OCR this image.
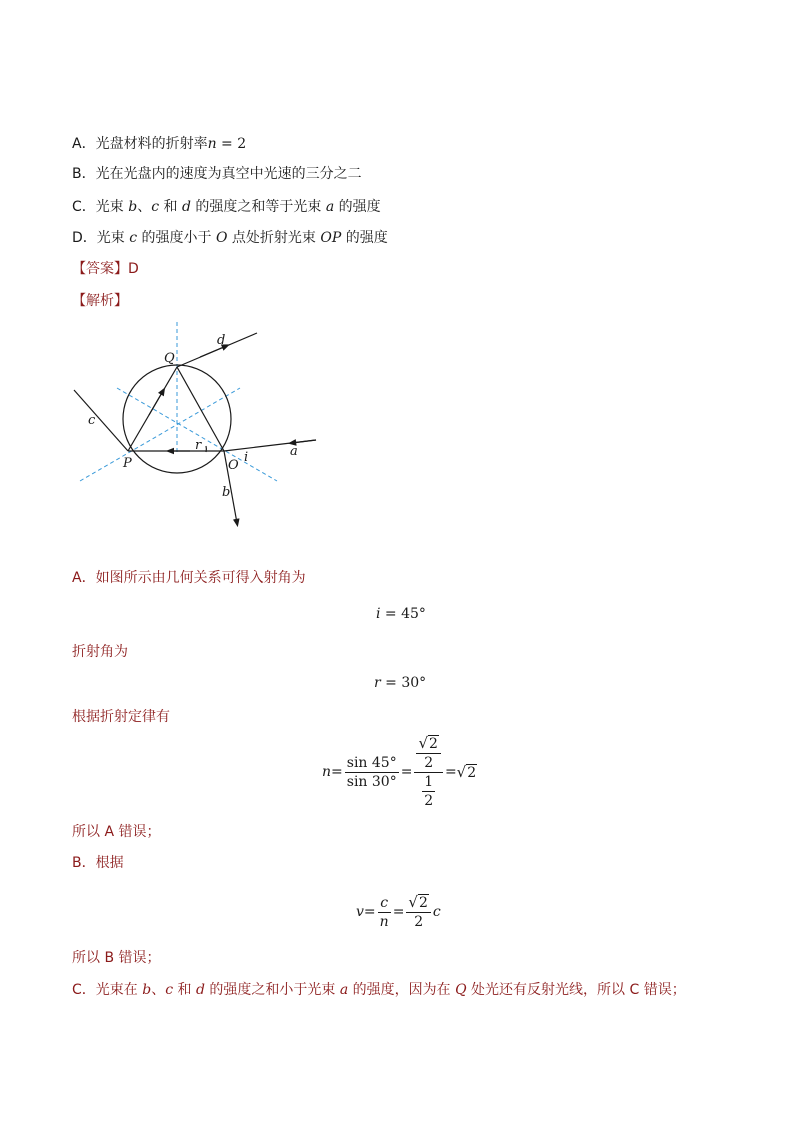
A．光盘材料的折射率n = 2
B．光在光盘内的速度为真空中光速的三分之二
C．光束 b、c 和 d 的强度之和等于光束 a 的强度
D．光束 c 的强度小于 O 点处折射光束 OP 的强度
【答案】D
【解析】
Q
d
c
P
r
O
i	a
b
A．如图所示由几何关系可得入射角为
i = 45°
折射角为
r = 30°
根据折射定律有
$n = \frac{\sin 45^\circ}{\sin 30^\circ} = \frac{\frac{√ 2}{2}}{\frac{1}{2}}$ = √ 2
所以 A 错误；
B．根据
$v = \frac{c}{n} = \frac{√ 2}{2}$ c
所以 B 错误；
C．光束在 b、c 和 d 的强度之和小于光束 a 的强度，因为在 Q 处光还有反射光线，所以 C 错误；
